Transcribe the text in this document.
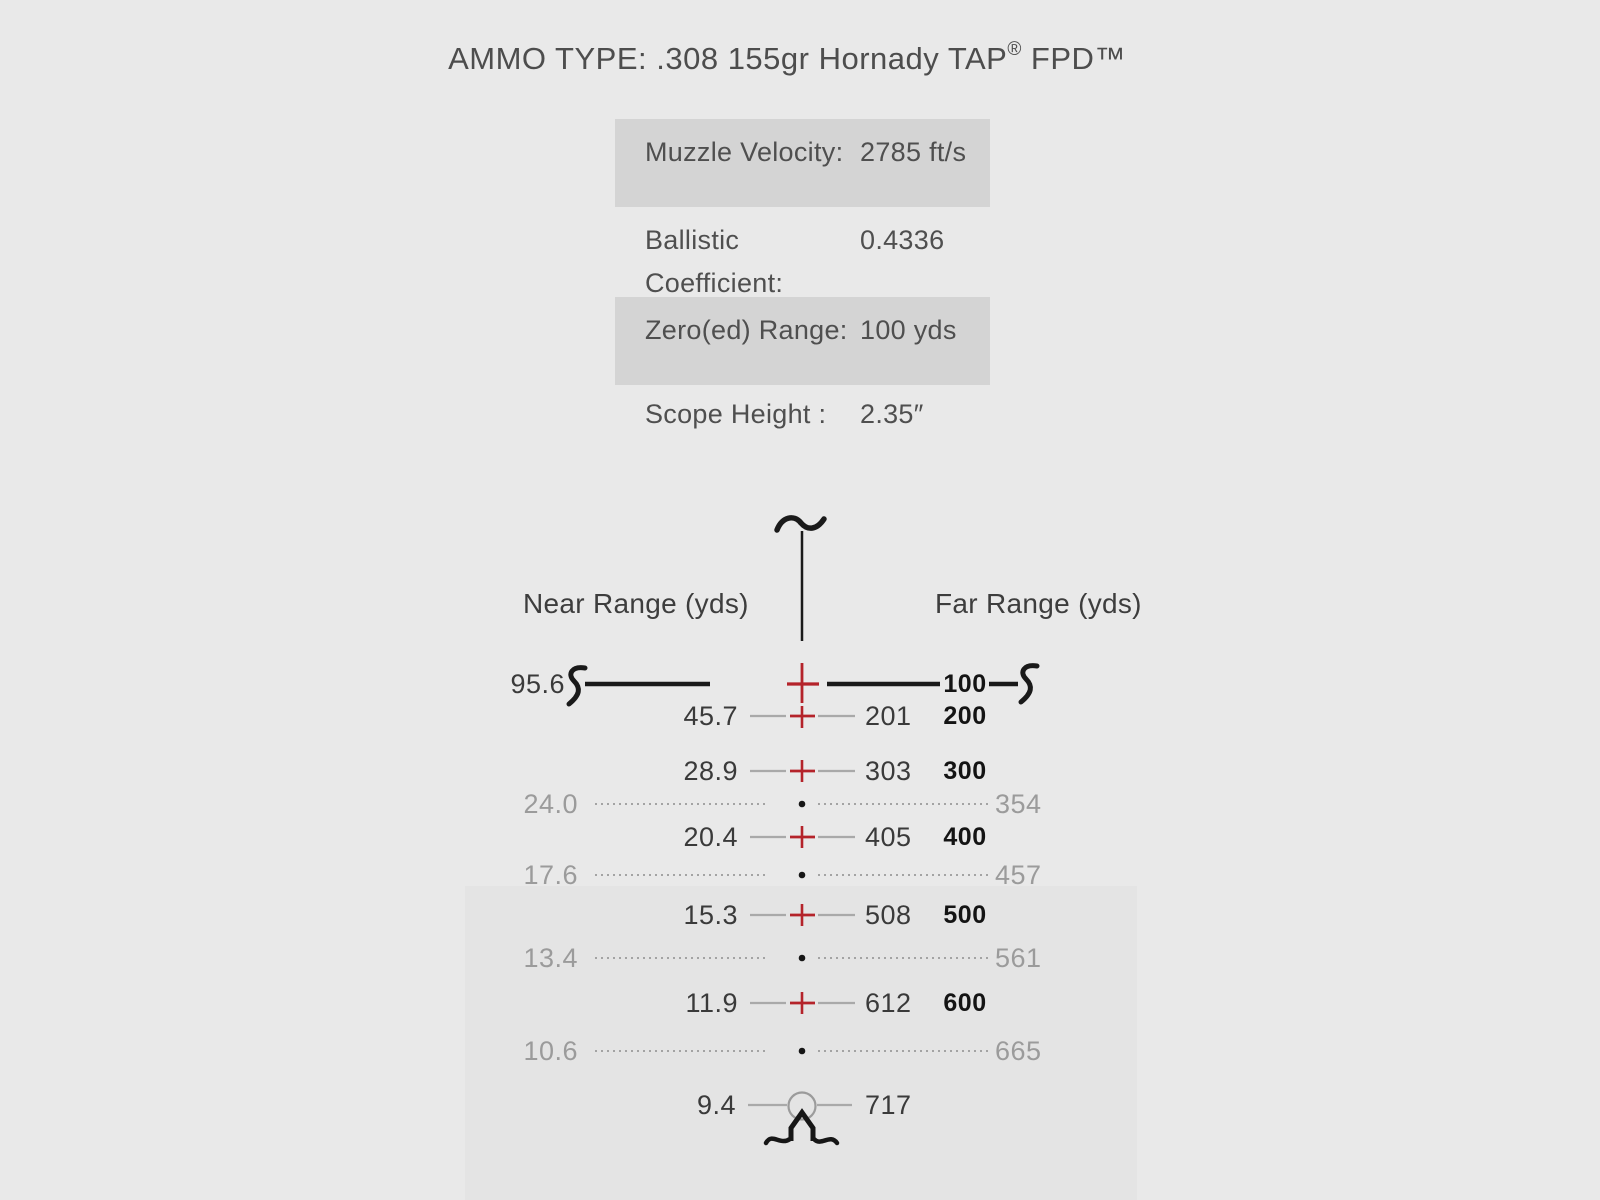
AMMO TYPE: .308 155gr Hornady TAP® FPD™
Muzzle Velocity: 2785 ft/s
Ballistic Coefficient:
0.4336
Zero(ed) Range: 100 yds
Scope Height :	2.35″
Near Range (yds)	Far Range (yds)
95.6	100
45.7	201	200
28.9	303	300
24.0	354
20.4	405	400
17.6	457
15.3	508	500
13.4	561
11.9	612	600
10.6	665
9.4	717
